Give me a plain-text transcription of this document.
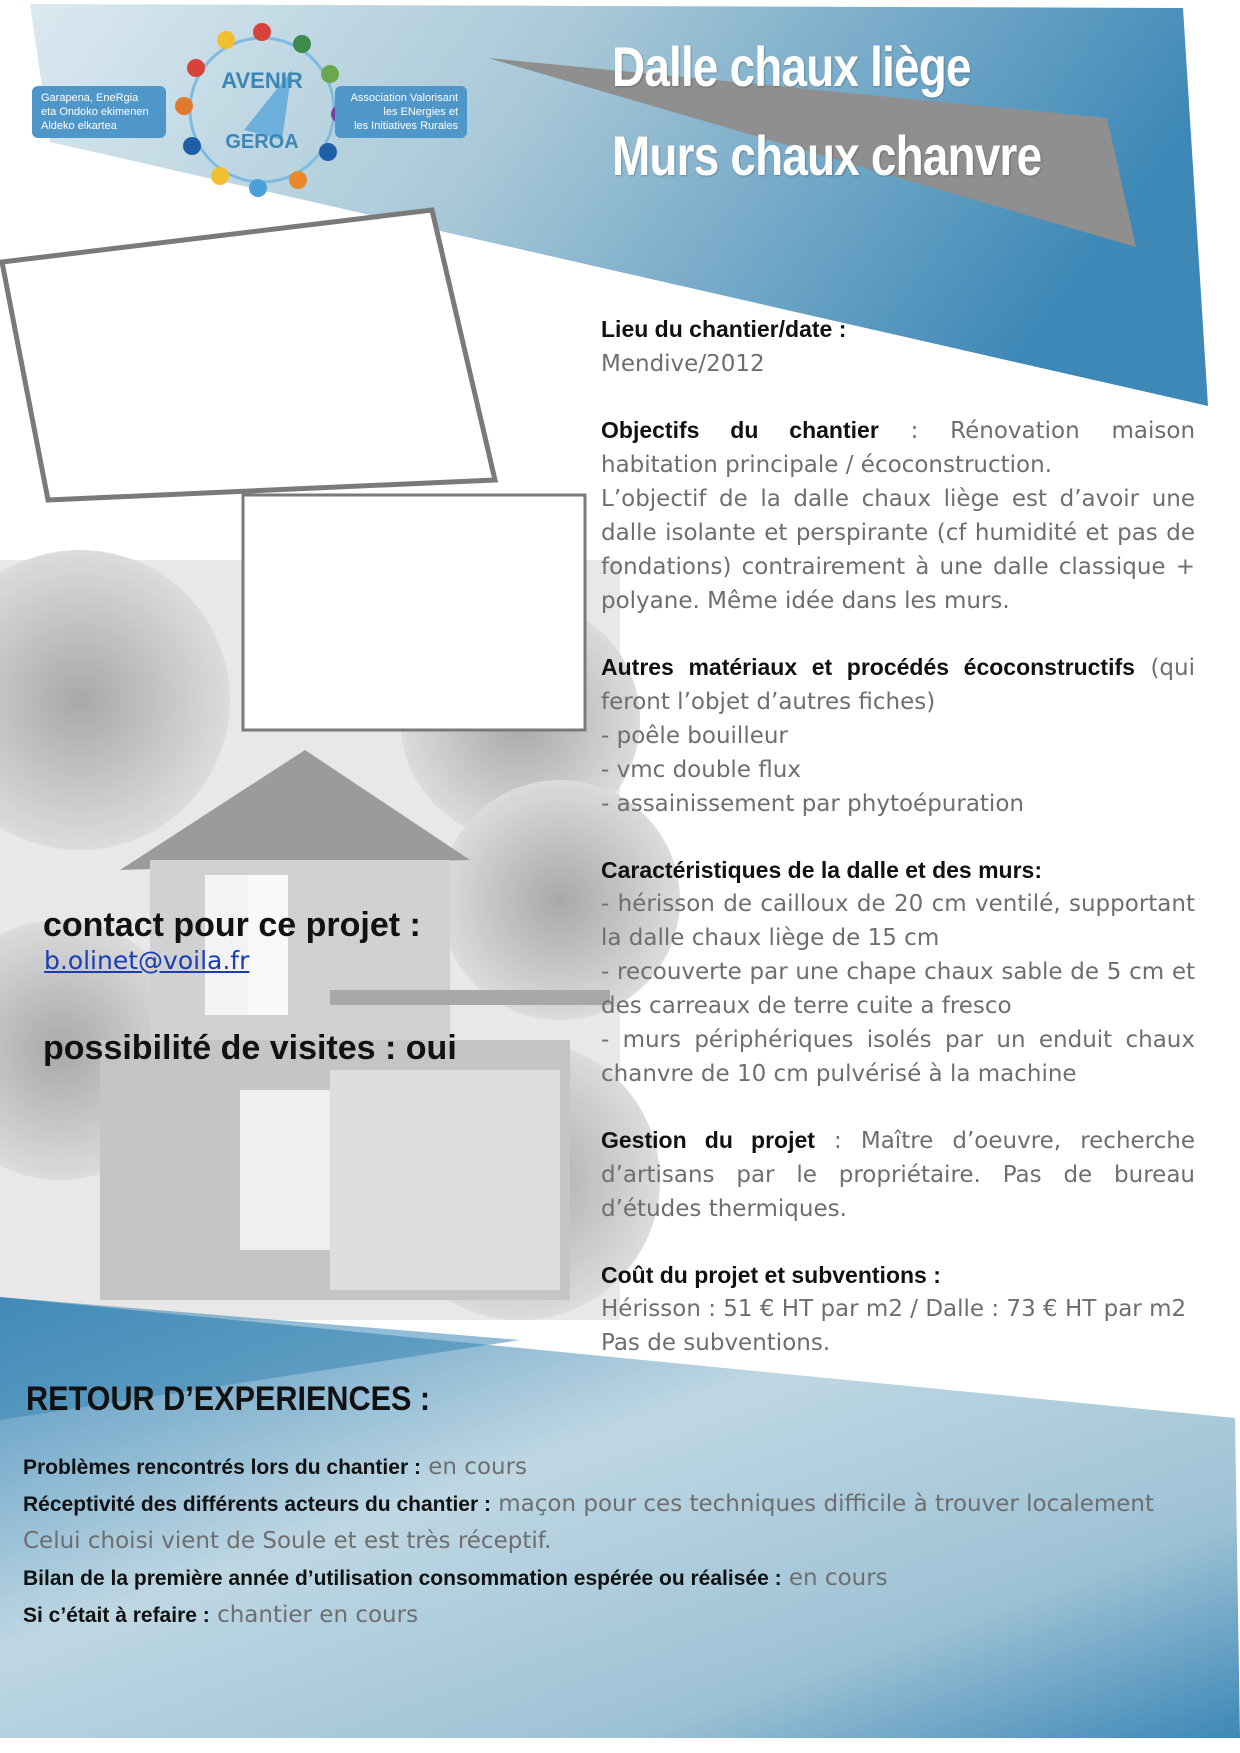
AVENIR
GEROA
Garapena, EneRgia
eta Ondoko ekimenen
Aldeko elkartea
Association Valorisant
les ENergies et
les Initiatives Rurales
Dalle chaux liège
Murs chaux chanvre

Lieu du chantier/date :

Mendive/2012

Objectifs du chantier : Rénovation maison habitation principale / écoconstruction.

L’objectif de la dalle chaux liège est d’avoir une dalle isolante et perspirante (cf humidité et pas de fondations) contrairement à une dalle classique + polyane. Même idée dans les murs.

Autres matériaux et procédés écoconstructifs (qui feront l’objet d’autres fiches)

- poêle bouilleur

- vmc double flux

- assainissement par phytoépuration

Caractéristiques de la dalle et des murs:

- hérisson de cailloux de 20 cm ventilé, supportant la dalle chaux liège de 15 cm

- recouverte par une chape chaux sable de 5 cm et des carreaux de terre cuite a fresco

- murs périphériques isolés par un enduit chaux chanvre de 10 cm pulvérisé à la machine

Gestion du projet : Maître d’oeuvre, recherche d’artisans par le propriétaire. Pas de bureau d’études thermiques.

Coût du projet et subventions :

Hérisson : 51 € HT par m2 / Dalle : 73 € HT par m2

Pas de subventions.

contact pour ce projet :
b.olinet@voila.fr
possibilité de visites : oui
RETOUR D’EXPERIENCES :

Problèmes rencontrés lors du chantier : en cours

Réceptivité des différents acteurs du chantier : maçon pour ces techniques difficile à trouver localement

Celui choisi vient de Soule et est très réceptif.

Bilan de la première année d’utilisation consommation espérée ou réalisée : en cours

Si c’était à refaire : chantier en cours
